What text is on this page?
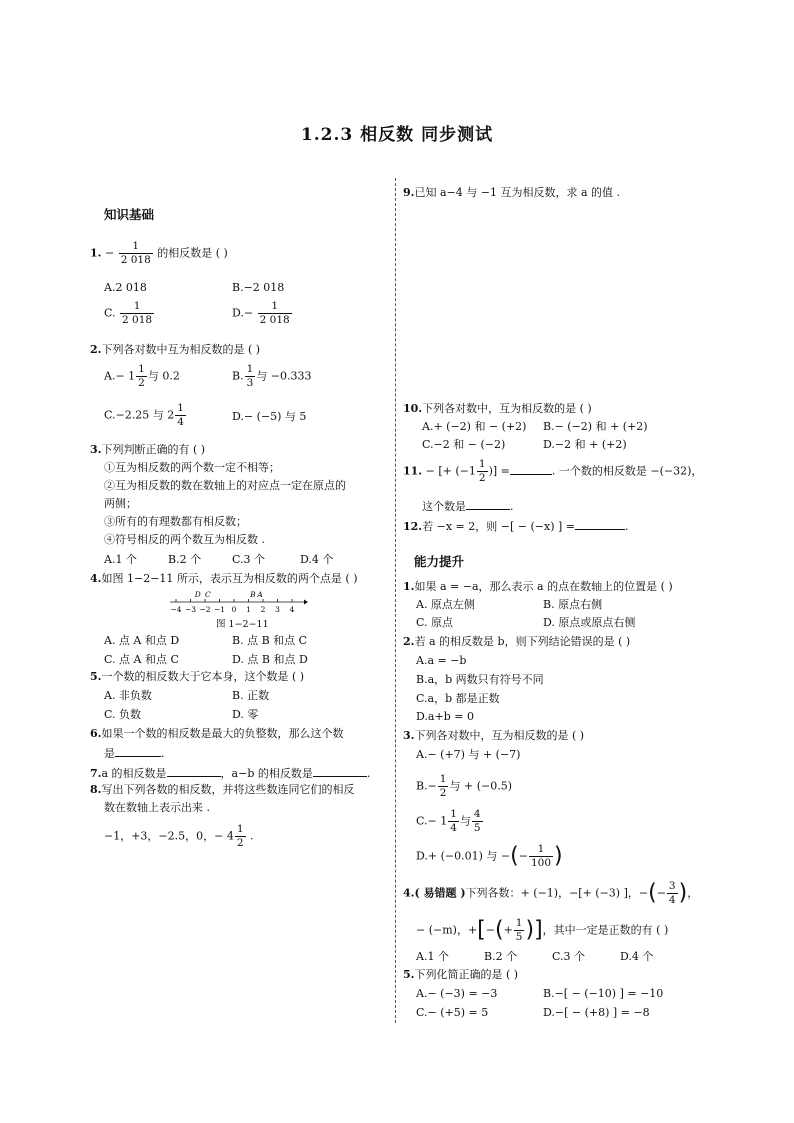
1.2.3 相反数 同步测试
知识基础
1. − $\frac{1}{2 018}$ 的相反数是 ( )
A.2 018	B.−2 018
C. $\frac{1}{2 018}$	$D.- \frac{1}{2 018}$
2.下列各对数中互为相反数的是 ( )
$A.- 1 \frac{1}{2}$ 与 0.2	B. $\frac{1}{3}$ 与 −0.333
C.−2.25 与 $2 \frac{1}{4}$	D.− (−5) 与 5
3.下列判断正确的有 ( )
①互为相反数的两个数一定不相等；
②互为相反数的数在数轴上的对应点一定在原点的
两侧；
③所有的有理数都有相反数；
④符号相反的两个数互为相反数 .
A.1 个	B.2 个	C.3 个	D.4 个
4.如图 1−2−11 所示，表示互为相反数的两个点是 ( )
−4 −3 −2 −1 0 1 2 3 4
D C	B A
图 1−2−11
A. 点 A 和点 D	B. 点 B 和点 C
C. 点 A 和点 C	D. 点 B 和点 D
5.一个数的相反数大于它本身，这个数是 ( )
A. 非负数	B. 正数
C. 负数	D. 零
6.如果一个数的相反数是最大的负整数，那么这个数
是	.
7.a 的相反数是	，a−b 的相反数是	.
8.写出下列各数的相反数，并将这些数连同它们的相反
数在数轴上表示出来 .
−1，+3，−2.5，0，− $4 \frac{1}{2}$ .
9.已知 a−4 与 −1 互为相反数，求 a 的值 .
10.下列各对数中，互为相反数的是 ( )
A.+ (−2) 和 − (+2) B.− (−2) 和 + (+2)
C.−2 和 − (−2)	D.−2 和 + (+2)
11. − [+ ($-1 \frac{1}{2}$ )] =	. 一个数的相反数是 −(−32)，
这个数是	.
12.若 −x = 2，则 −[ − (−x) ] =	.
能力提升
1.如果 a = −a，那么表示 a 的点在数轴上的位置是 ( )
A. 原点左侧	B. 原点右侧
C. 原点	D. 原点或原点右侧
2.若 a 的相反数是 b，则下列结论错误的是 ( )
A.a = −b
B.a，b 两数只有符号不同
C.a，b 都是正数
D.a+b = 0
3.下列各对数中，互为相反数的是 ( )
A.− (+7) 与 + (−7)
$B.- \frac{1}{2}$ 与 + (−0.5)
$C.- 1 \frac{1}{4}$ 与 $\frac{4}{5}$
D.+ (−0.01) 与 −(− $\frac{1}{100}$ )
4.( 易错题 )下列各数：+ (−1)，−[+ (−3) ]，−(− $\frac{3}{4}$ )，
− (−m)，+[−(+ $\frac{1}{5}$ )]，其中一定是正数的有 ( )
A.1 个	B.2 个	C.3 个	D.4 个
5.下列化简正确的是 ( )
A.− (−3) = −3	B.−[ − (−10) ] = −10
C.− (+5) = 5	D.−[ − (+8) ] = −8
